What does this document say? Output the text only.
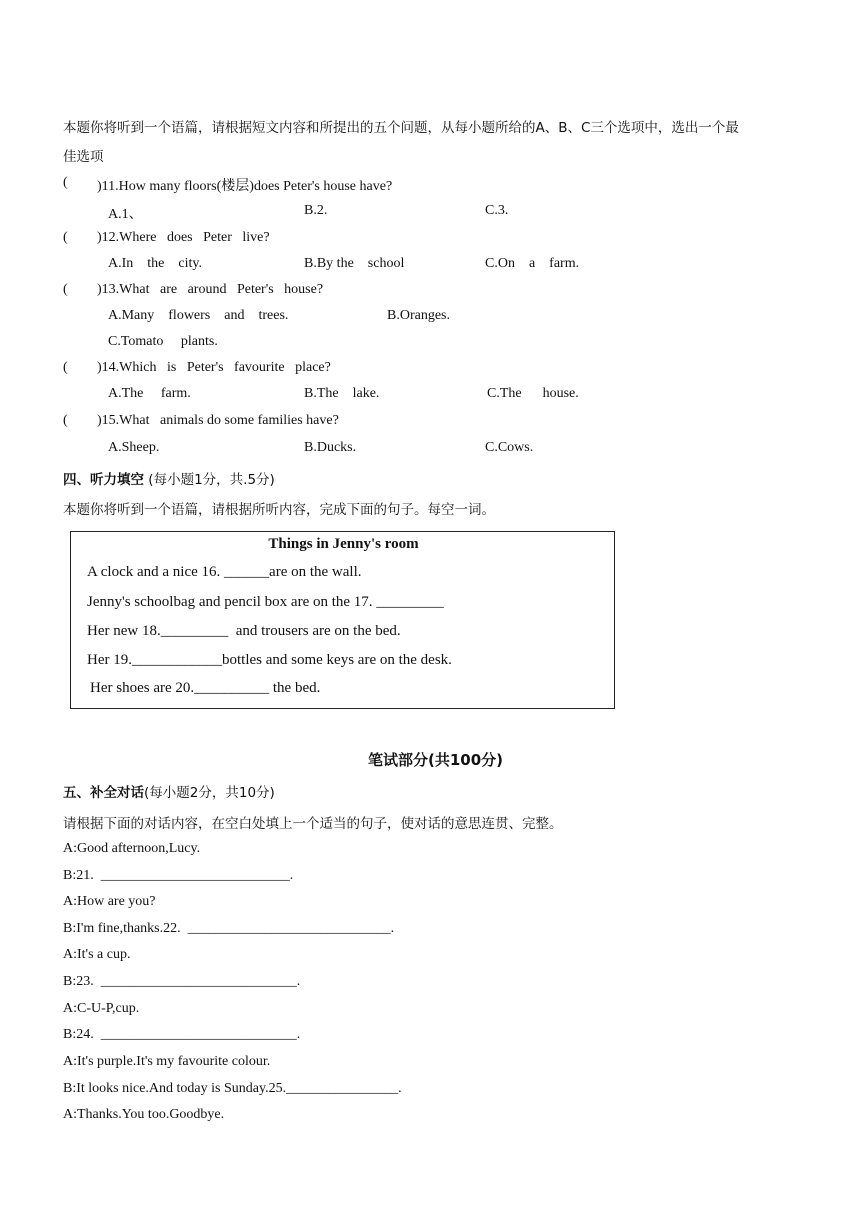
本题你将听到一个语篇，请根据短文内容和所提出的五个问题，从每小题所给的A、B、C三个选项中，选出一个最
佳选项
( )11.How many floors(楼层)does Peter's house have?
A.1、	B.2.	C.3.
( )12.Where   does   Peter   live?
A.In    the    city.	B.By the    school	C.On    a    farm.
( )13.What   are   around   Peter's   house?
A.Many    flowers    and    trees.	B.Oranges.
C.Tomato     plants.
( )14.Which   is   Peter's   favourite   place?
A.The     farm.	B.The    lake.	C.The      house.
( )15.What   animals do some families have?
A.Sheep.	B.Ducks.	C.Cows.
四、听力填空 (每小题1分，共.5分)
本题你将听到一个语篇，请根据所听内容，完成下面的句子。每空一词。
Things in Jenny's room
A clock and a nice 16. ______are on the wall.
Jenny's schoolbag and pencil box are on the 17. _________
Her new 18._________  and trousers are on the bed.
Her 19.____________bottles and some keys are on the desk.
Her shoes are 20.__________ the bed.
笔试部分(共100分)
五、补全对话(每小题2分，共10分)
请根据下面的对话内容，在空白处填上一个适当的句子，使对话的意思连贯、完整。
A:Good afternoon,Lucy.
B:21.  ___________________________.
A:How are you?
B:I'm fine,thanks.22.  _____________________________.
A:It's a cup.
B:23.  ____________________________.
A:C-U-P,cup.
B:24.  ____________________________.
A:It's purple.It's my favourite colour.
B:It looks nice.And today is Sunday.25.________________.
A:Thanks.You too.Goodbye.
